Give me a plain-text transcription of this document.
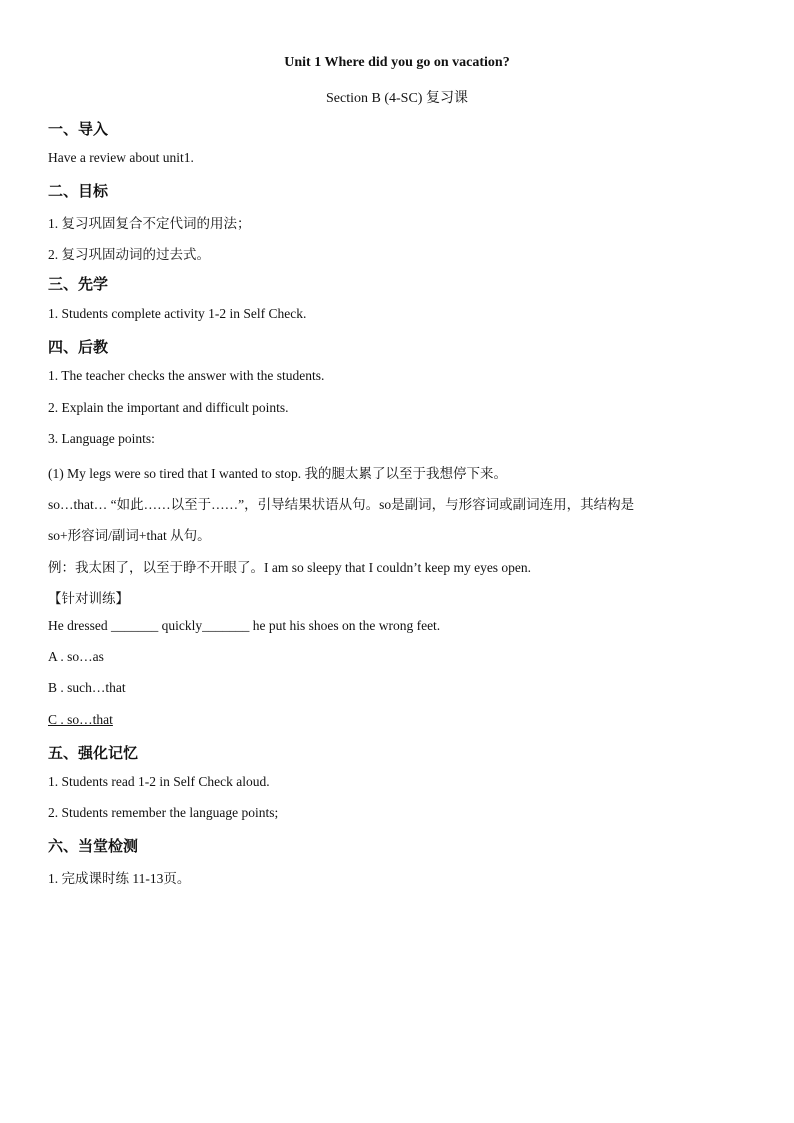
Unit 1 Where did you go on vacation?
Section B (4-SC) 复习课
一、导入
Have a review about unit1.
二、目标
1. 复习巩固复合不定代词的用法；
2. 复习巩固动词的过去式。
三、先学
1. Students complete activity 1-2 in Self Check.
四、后教
1. The teacher checks the answer with the students.
2. Explain the important and difficult points.
3. Language points:
(1) My legs were so tired that I wanted to stop. 我的腿太累了以至于我想停下来。
so…that… “如此……以至于……”，引导结果状语从句。so是副词，与形容词或副词连用，其结构是
so+形容词/副词+that 从句。
例：我太困了，以至于睁不开眼了。I am so sleepy that I couldn’t keep my eyes open.
【针对训练】
He dressed _______ quickly_______ he put his shoes on the wrong feet.
A . so…as
B . such…that
C . so…that
五、强化记忆
1. Students read 1-2 in Self Check aloud.
2. Students remember the language points;
六、当堂检测
1. 完成课时练 11-13页。
